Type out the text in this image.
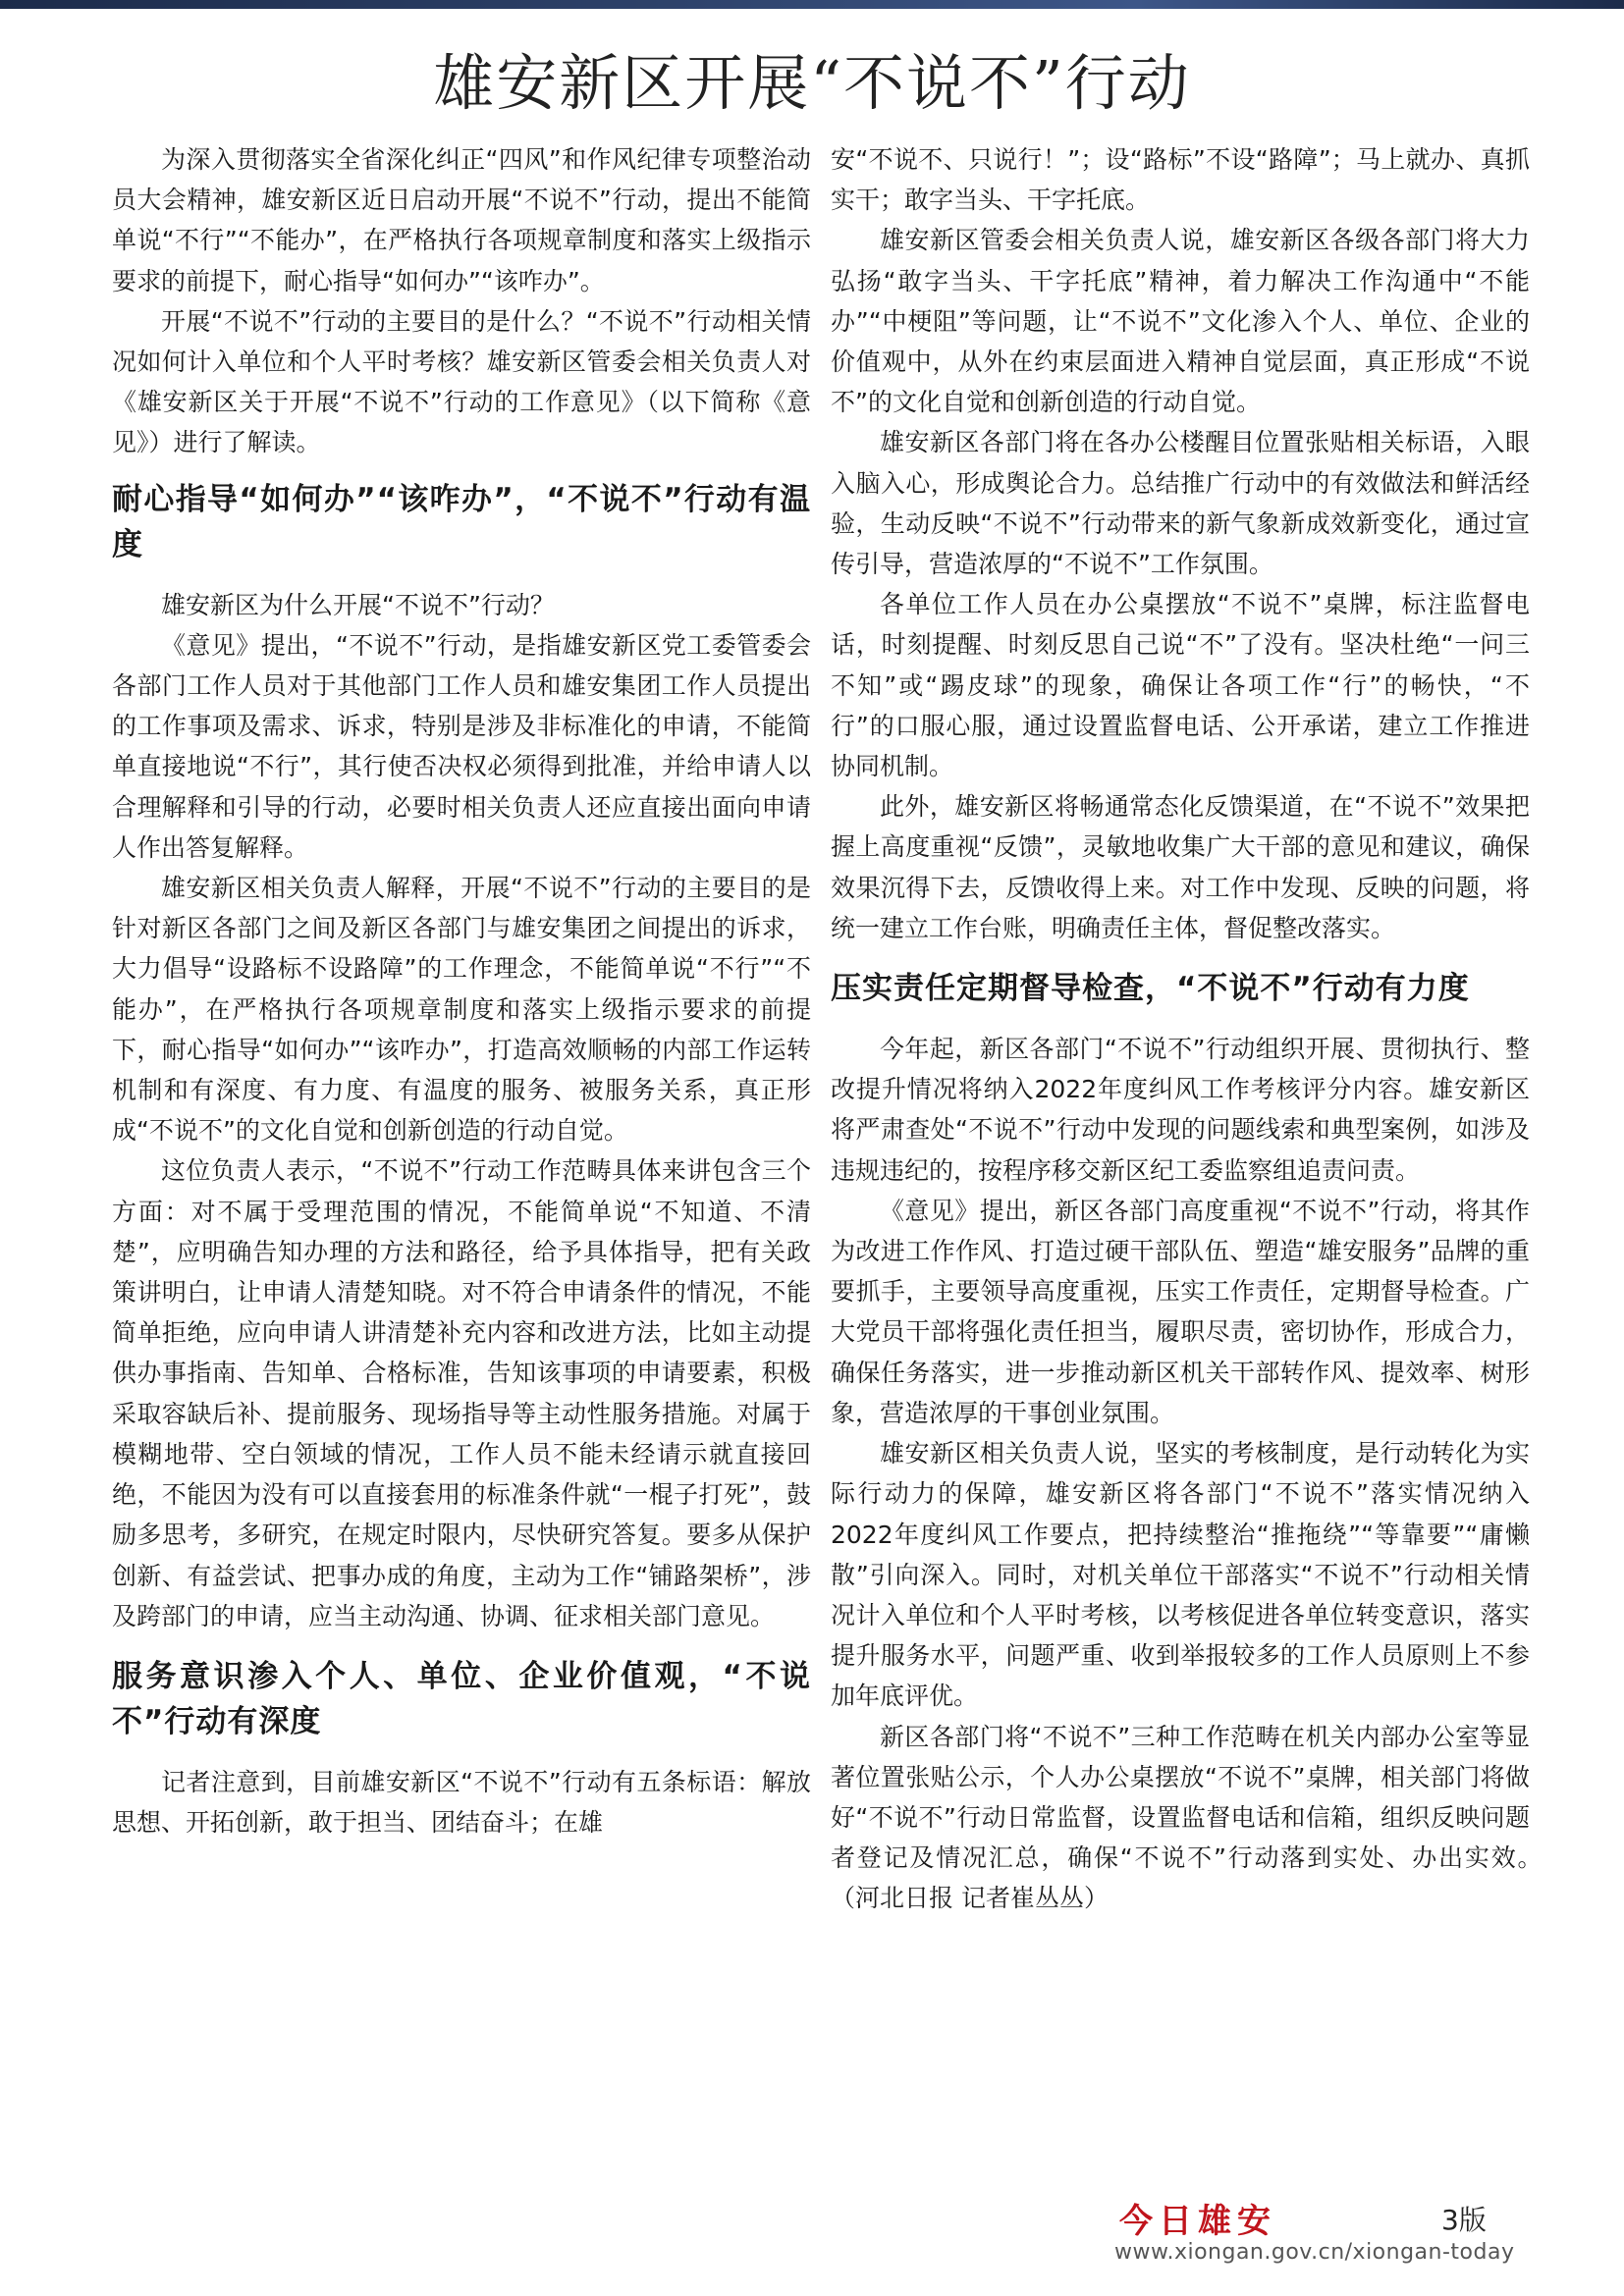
雄安新区开展“不说不”行动

为深入贯彻落实全省深化纠正“四风”和作风纪律专项整治动员大会精神，雄安新区近日启动开展“不说不”行动，提出不能简单说“不行”“不能办”，在严格执行各项规章制度和落实上级指示要求的前提下，耐心指导“如何办”“该咋办”。

开展“不说不”行动的主要目的是什么？“不说不”行动相关情况如何计入单位和个人平时考核？雄安新区管委会相关负责人对《雄安新区关于开展“不说不”行动的工作意见》（以下简称《意见》）进行了解读。

耐心指导“如何办”“该咋办”，“不说不”行动有温度

雄安新区为什么开展“不说不”行动？

《意见》提出，“不说不”行动，是指雄安新区党工委管委会各部门工作人员对于其他部门工作人员和雄安集团工作人员提出的工作事项及需求、诉求，特别是涉及非标准化的申请，不能简单直接地说“不行”，其行使否决权必须得到批准，并给申请人以合理解释和引导的行动，必要时相关负责人还应直接出面向申请人作出答复解释。

雄安新区相关负责人解释，开展“不说不”行动的主要目的是针对新区各部门之间及新区各部门与雄安集团之间提出的诉求，大力倡导“设路标不设路障”的工作理念，不能简单说“不行”“不能办”，在严格执行各项规章制度和落实上级指示要求的前提下，耐心指导“如何办”“该咋办”，打造高效顺畅的内部工作运转机制和有深度、有力度、有温度的服务、被服务关系，真正形成“不说不”的文化自觉和创新创造的行动自觉。

这位负责人表示，“不说不”行动工作范畴具体来讲包含三个方面：对不属于受理范围的情况，不能简单说“不知道、不清楚”，应明确告知办理的方法和路径，给予具体指导，把有关政策讲明白，让申请人清楚知晓。对不符合申请条件的情况，不能简单拒绝，应向申请人讲清楚补充内容和改进方法，比如主动提供办事指南、告知单、合格标准，告知该事项的申请要素，积极采取容缺后补、提前服务、现场指导等主动性服务措施。对属于模糊地带、空白领域的情况，工作人员不能未经请示就直接回绝，不能因为没有可以直接套用的标准条件就“一棍子打死”，鼓励多思考，多研究，在规定时限内，尽快研究答复。要多从保护创新、有益尝试、把事办成的角度，主动为工作“铺路架桥”，涉及跨部门的申请，应当主动沟通、协调、征求相关部门意见。

服务意识渗入个人、单位、企业价值观，“不说不”行动有深度

记者注意到，目前雄安新区“不说不”行动有五条标语：解放思想、开拓创新，敢于担当、团结奋斗；在雄

安“不说不、只说行！”；设“路标”不设“路障”；马上就办、真抓实干；敢字当头、干字托底。

雄安新区管委会相关负责人说，雄安新区各级各部门将大力弘扬“敢字当头、干字托底”精神，着力解决工作沟通中“不能办”“中梗阻”等问题，让“不说不”文化渗入个人、单位、企业的价值观中，从外在约束层面进入精神自觉层面，真正形成“不说不”的文化自觉和创新创造的行动自觉。

雄安新区各部门将在各办公楼醒目位置张贴相关标语，入眼入脑入心，形成舆论合力。总结推广行动中的有效做法和鲜活经验，生动反映“不说不”行动带来的新气象新成效新变化，通过宣传引导，营造浓厚的“不说不”工作氛围。

各单位工作人员在办公桌摆放“不说不”桌牌，标注监督电话，时刻提醒、时刻反思自己说“不”了没有。坚决杜绝“一问三不知”或“踢皮球”的现象，确保让各项工作“行”的畅快，“不行”的口服心服，通过设置监督电话、公开承诺，建立工作推进协同机制。

此外，雄安新区将畅通常态化反馈渠道，在“不说不”效果把握上高度重视“反馈”，灵敏地收集广大干部的意见和建议，确保效果沉得下去，反馈收得上来。对工作中发现、反映的问题，将统一建立工作台账，明确责任主体，督促整改落实。

压实责任定期督导检查，“不说不”行动有力度

今年起，新区各部门“不说不”行动组织开展、贯彻执行、整改提升情况将纳入2022年度纠风工作考核评分内容。雄安新区将严肃查处“不说不”行动中发现的问题线索和典型案例，如涉及违规违纪的，按程序移交新区纪工委监察组追责问责。

《意见》提出，新区各部门高度重视“不说不”行动，将其作为改进工作作风、打造过硬干部队伍、塑造“雄安服务”品牌的重要抓手，主要领导高度重视，压实工作责任，定期督导检查。广大党员干部将强化责任担当，履职尽责，密切协作，形成合力，确保任务落实，进一步推动新区机关干部转作风、提效率、树形象，营造浓厚的干事创业氛围。

雄安新区相关负责人说，坚实的考核制度，是行动转化为实际行动力的保障，雄安新区将各部门“不说不”落实情况纳入2022年度纠风工作要点，把持续整治“推拖绕”“等靠要”“庸懒散”引向深入。同时，对机关单位干部落实“不说不”行动相关情况计入单位和个人平时考核，以考核促进各单位转变意识，落实提升服务水平，问题严重、收到举报较多的工作人员原则上不参加年底评优。

新区各部门将“不说不”三种工作范畴在机关内部办公室等显著位置张贴公示，个人办公桌摆放“不说不”桌牌，相关部门将做好“不说不”行动日常监督，设置监督电话和信箱，组织反映问题者登记及情况汇总，确保“不说不”行动落到实处、办出实效。　（河北日报 记者崔丛丛）

今日雄安	3版
www.xiongan.gov.cn/xiongan-today
